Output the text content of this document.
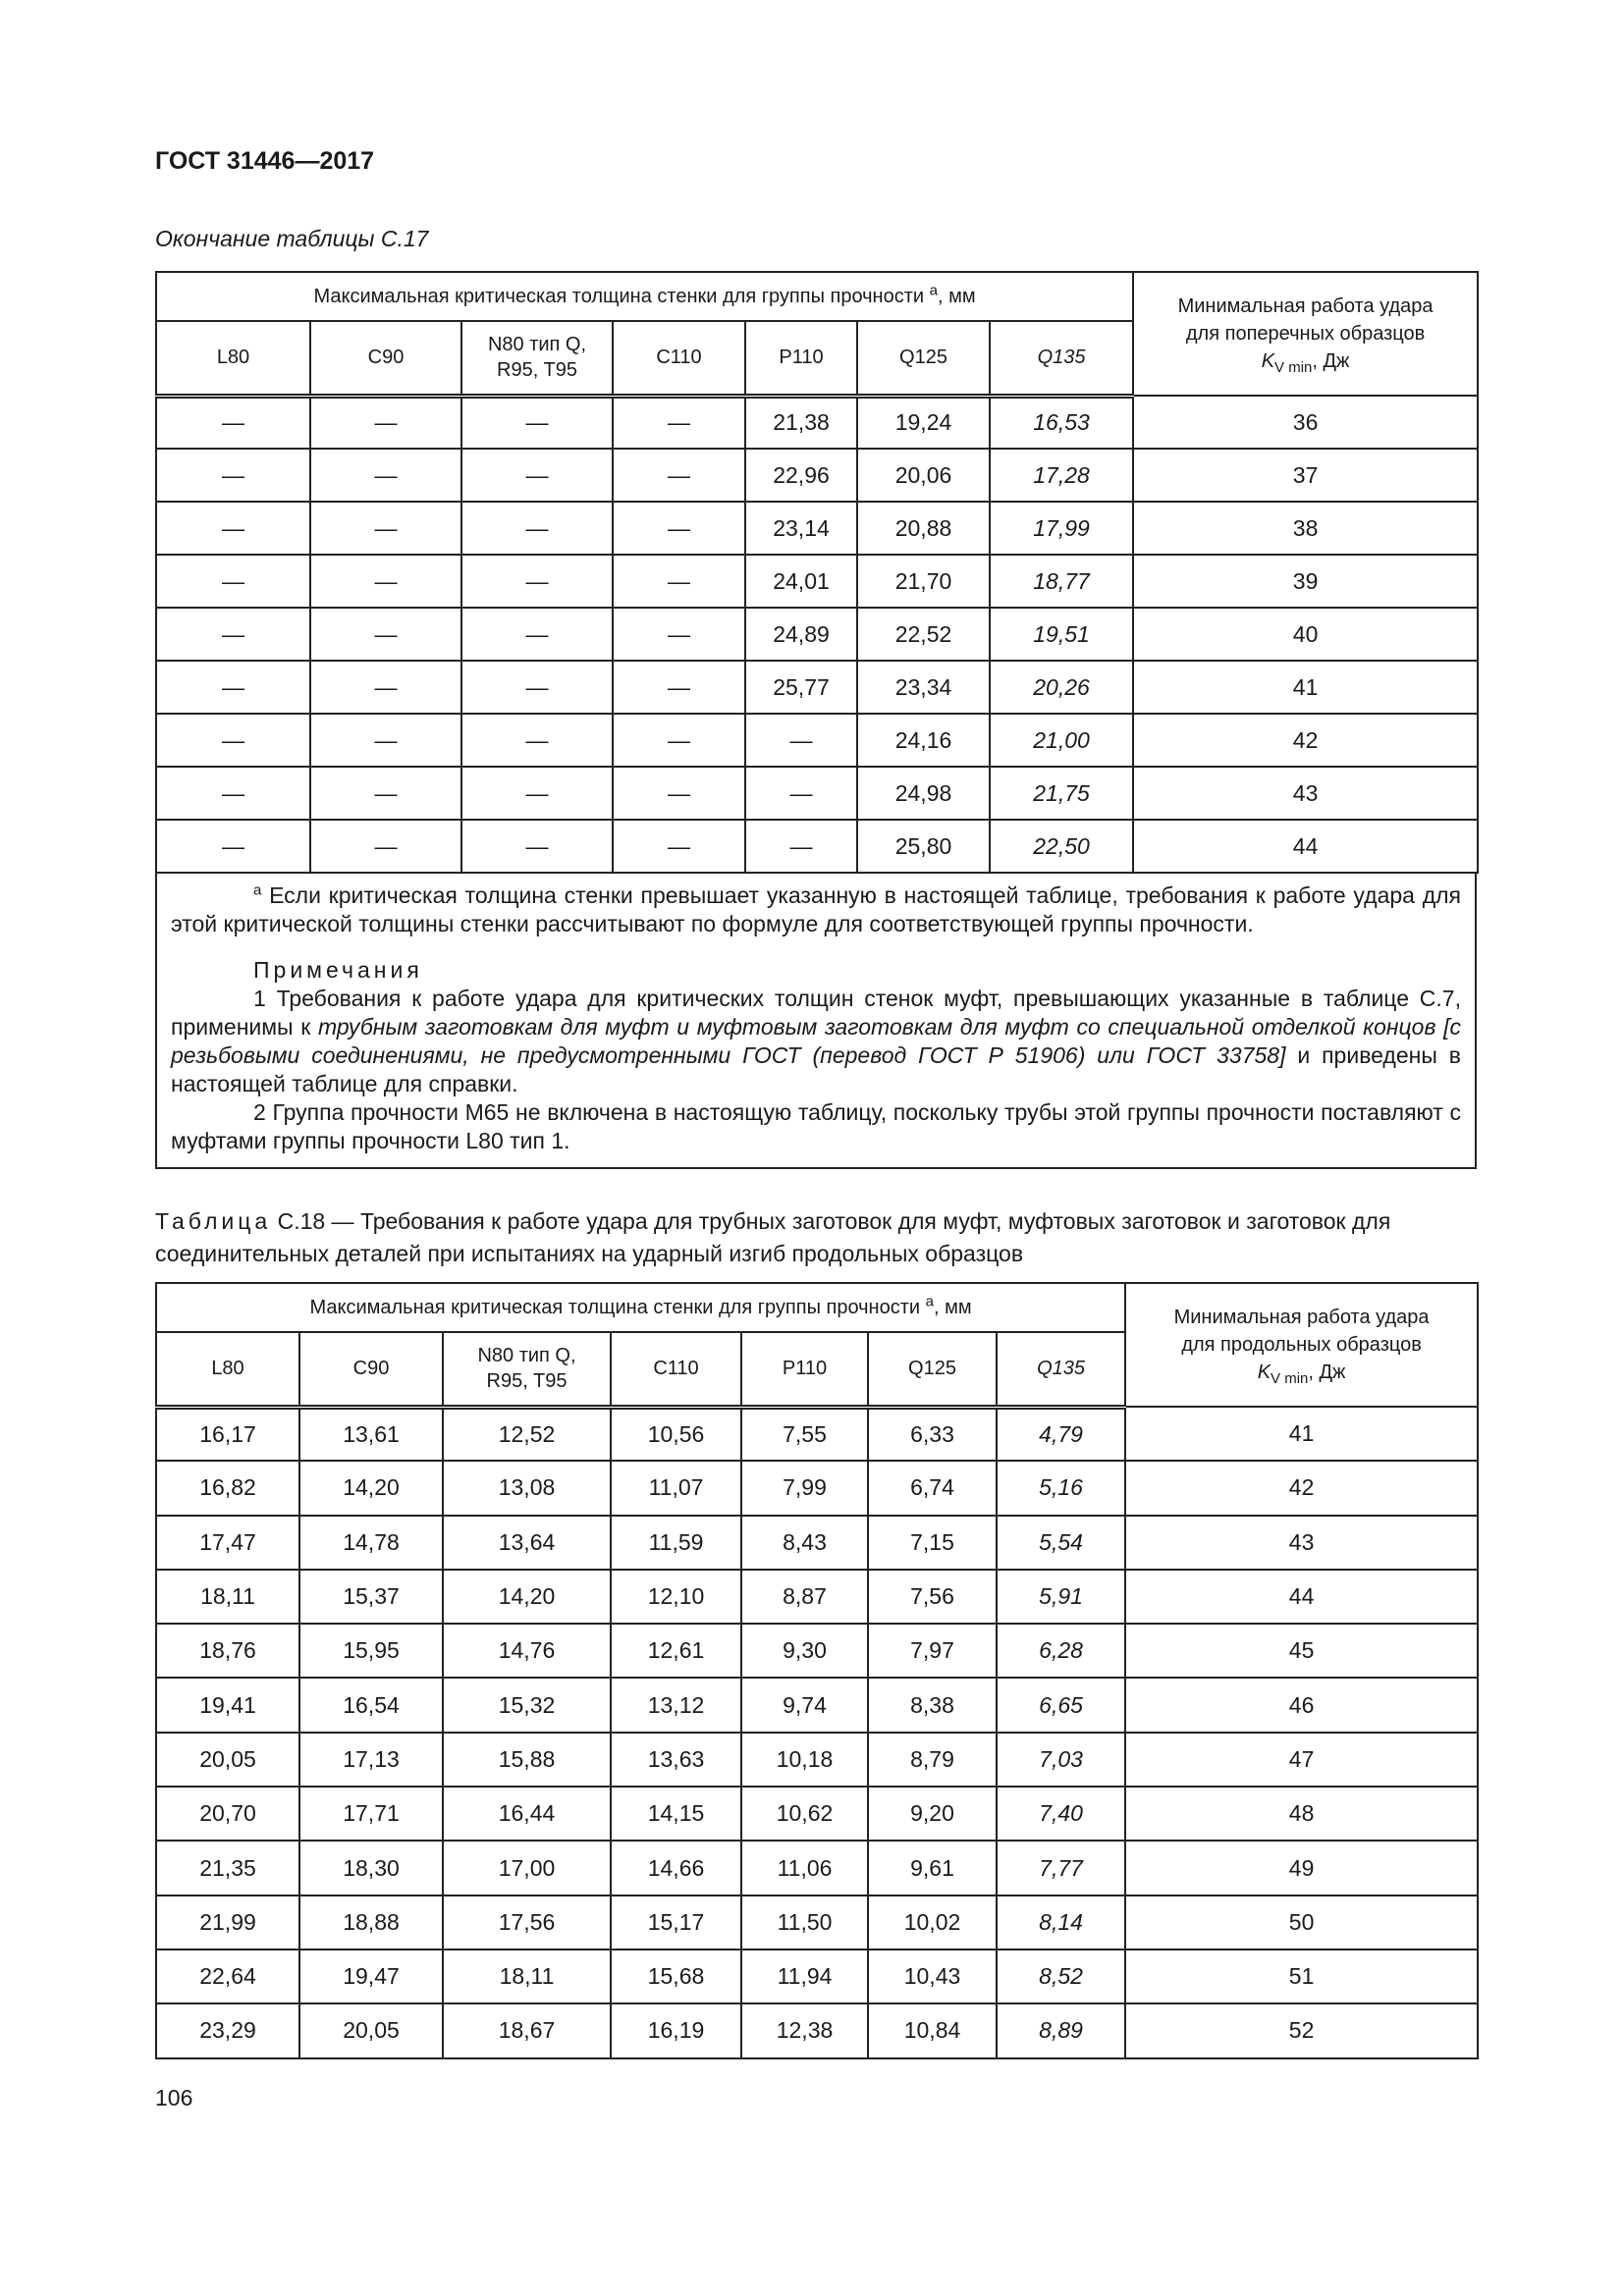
ГОСТ 31446—2017
Окончание таблицы С.17
Максимальная критическая толщина стенки для группы прочности $^а$, мм							Минимальная работа удара
для поперечных образцов
$K_{V min}$, Дж
L80	C90	N80 тип Q, R95, T95	C110	P110	Q125	Q135	
—	—	—	—	21,38	19,24	16,53	36
—	—	—	—	22,96	20,06	17,28	37
—	—	—	—	23,14	20,88	17,99	38
—	—	—	—	24,01	21,70	18,77	39
—	—	—	—	24,89	22,52	19,51	40
—	—	—	—	25,77	23,34	20,26	41
—	—	—	—	—	24,16	21,00	42
—	—	—	—	—	24,98	21,75	43
—	—	—	—	—	25,80	22,50	44

$^а$ Если критическая толщина стенки превышает указанную в настоящей таблице, требования к работе удара для этой критической толщины стенки рассчитывают по формуле для соответствующей группы прочности.

Примечания

1 Требования к работе удара для критических толщин стенок муфт, превышающих указанные в таблице С.7, применимы к трубным заготовкам для муфт и муфтовым заготовкам для муфт со специальной отделкой концов [с резьбовыми соединениями, не предусмотренными ГОСТ (перевод ГОСТ Р 51906) или ГОСТ 33758] и приведены в настоящей таблице для справки.

2 Группа прочности М65 не включена в настоящую таблицу, поскольку трубы этой группы прочности поставляют с муфтами группы прочности L80 тип 1.

Таблица С.18 — Требования к работе удара для трубных заготовок для муфт, муфтовых заготовок и заготовок для соединительных деталей при испытаниях на ударный изгиб продольных образцов
Максимальная критическая толщина стенки для группы прочности $^а$, мм							Минимальная работа удара
для продольных образцов
$K_{V min}$, Дж
L80	C90	N80 тип Q, R95, T95	C110	P110	Q125	Q135	
16,17	13,61	12,52	10,56	7,55	6,33	4,79	41
16,82	14,20	13,08	11,07	7,99	6,74	5,16	42
17,47	14,78	13,64	11,59	8,43	7,15	5,54	43
18,11	15,37	14,20	12,10	8,87	7,56	5,91	44
18,76	15,95	14,76	12,61	9,30	7,97	6,28	45
19,41	16,54	15,32	13,12	9,74	8,38	6,65	46
20,05	17,13	15,88	13,63	10,18	8,79	7,03	47
20,70	17,71	16,44	14,15	10,62	9,20	7,40	48
21,35	18,30	17,00	14,66	11,06	9,61	7,77	49
21,99	18,88	17,56	15,17	11,50	10,02	8,14	50
22,64	19,47	18,11	15,68	11,94	10,43	8,52	51
23,29	20,05	18,67	16,19	12,38	10,84	8,89	52
106
